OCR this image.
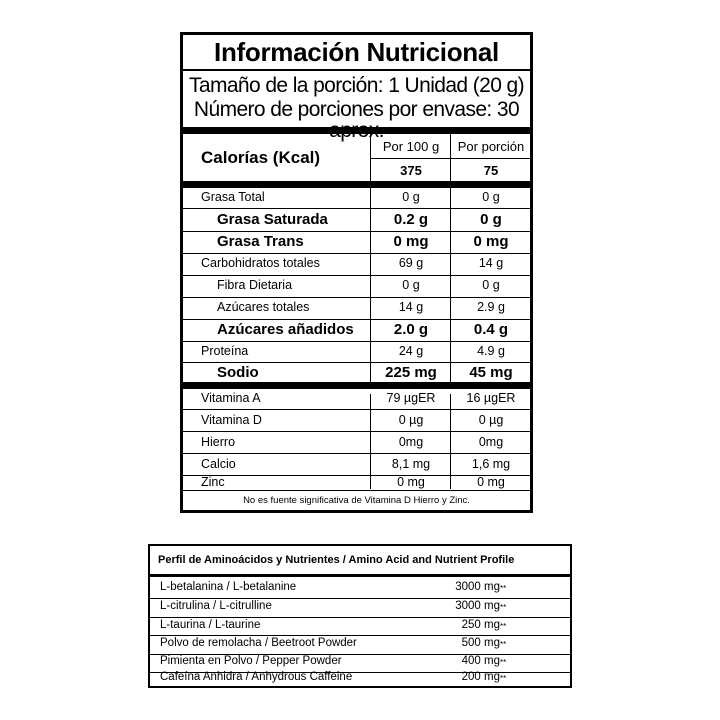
Información Nutricional
Tamaño de la porción: 1 Unidad (20 g)
Número de porciones por envase: 30
Calorías (Kcal)
Por 100 g	Por porción
375	75
Grasa Total	0 g	0 g
Grasa Saturada	0.2 g	0 g
Grasa Trans	0 mg	0 mg
Carbohidratos totales	69 g	14 g
Fibra Dietaria	0 g	0 g
Azúcares totales	14 g	2.9 g
Azúcares añadidos	2.0 g	0.4 g
Proteína	24 g	4.9 g
Sodio	225 mg	45 mg
Vitamina A	79 µgER	16 µgER
Vitamina D	0 µg	0 µg
Hierro	0mg	0mg
Calcio	8,1 mg	1,6 mg
Zinc	0 mg	0 mg
No es fuente significativa de Vitamina D Hierro y Zinc.
Perfil de Aminoácidos y Nutrientes / Amino Acid and Nutrient Profile
L-betalanina / L-betalanine	3000 mg **
L-citrulina / L-citrulline	3000 mg **
L-taurina / L-taurine	250 mg **
Polvo de remolacha / Beetroot Powder	500 mg **
Pimienta en Polvo / Pepper Powder	400 mg **
Cafeína Anhidra / Anhydrous Caffeine	200 mg **
